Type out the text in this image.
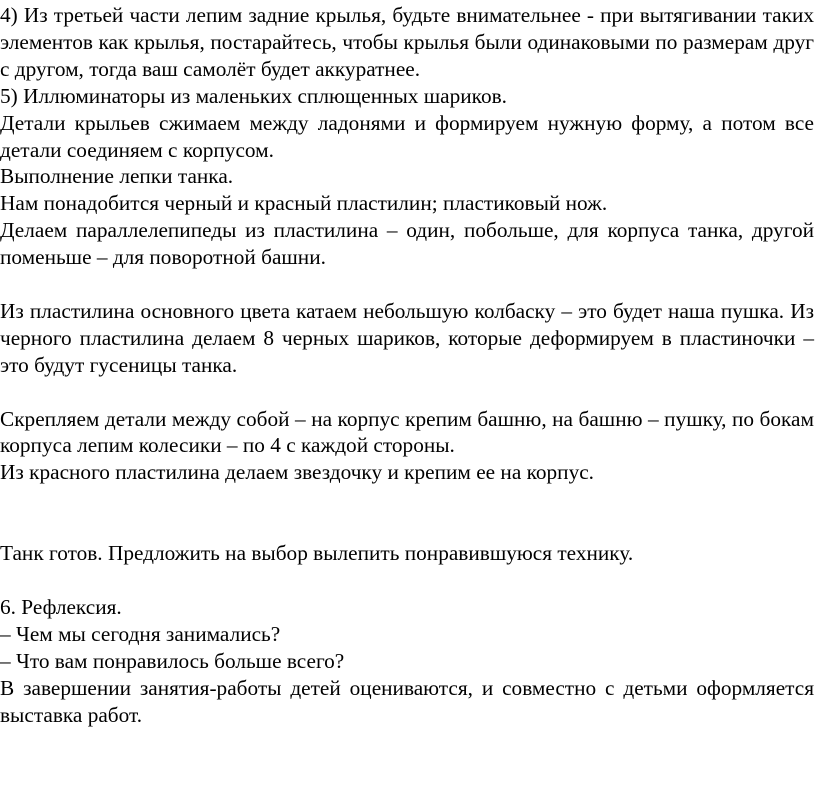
4) Из третьей части лепим задние крылья, будьте внимательнее - при вытягивании таких элементов как крылья, постарайтесь, чтобы крылья были одинаковыми по размерам друг с другом, тогда ваш самолёт будет аккуратнее.

5) Иллюминаторы из маленьких сплющенных шариков.

Детали крыльев сжимаем между ладонями и формируем нужную форму, а потом все детали соединяем с корпусом.

Выполнение лепки танка.

Нам понадобится черный и красный пластилин; пластиковый нож.

Делаем параллелепипеды из пластилина – один, побольше, для корпуса танка, другой поменьше – для поворотной башни.

Из пластилина основного цвета катаем небольшую колбаску – это будет наша пушка. Из черного пластилина делаем 8 черных шариков, которые деформируем в пластиночки – это будут гусеницы танка.

Скрепляем детали между собой – на корпус крепим башню, на башню – пушку, по бокам корпуса лепим колесики – по 4 с каждой стороны.

Из красного пластилина делаем звездочку и крепим ее на корпус.

Танк готов. Предложить на выбор вылепить понравившуюся технику.

6. Рефлексия.

– Чем мы сегодня занимались?

– Что вам понравилось больше всего?

В завершении занятия-работы детей оцениваются, и совместно с детьми оформляется выставка работ.
